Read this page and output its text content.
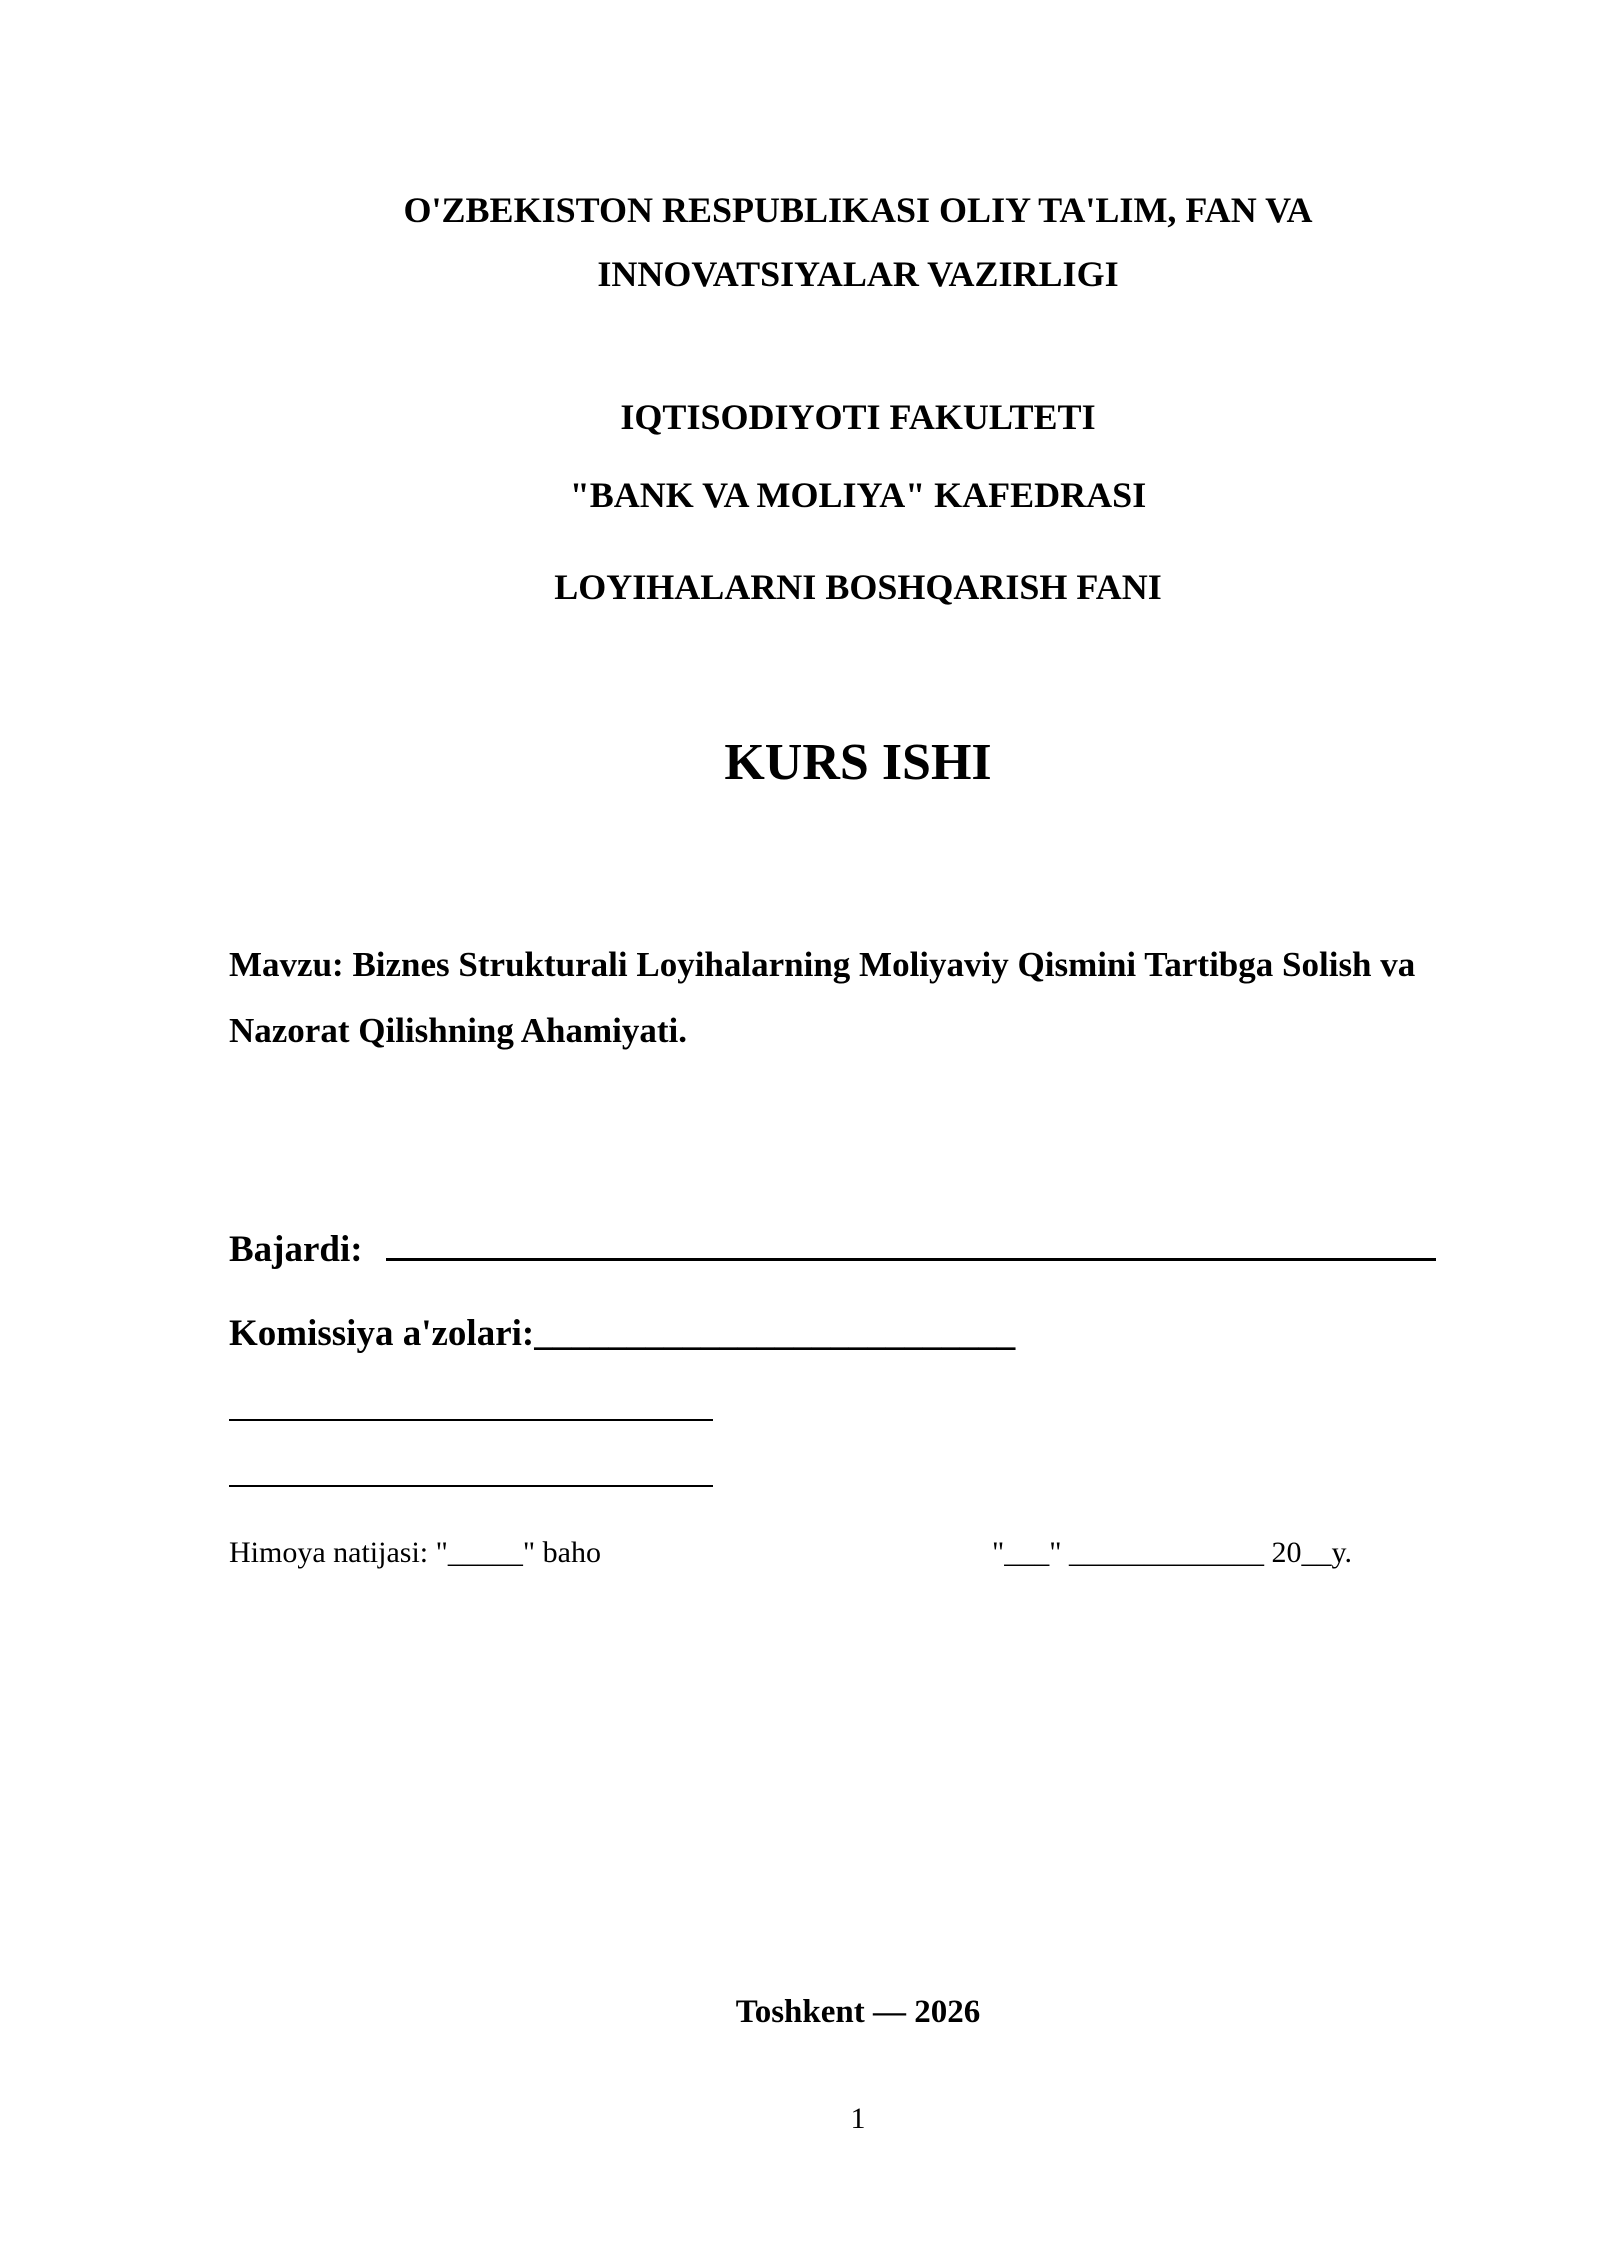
O'ZBEKISTON RESPUBLIKASI OLIY TA'LIM, FAN VA
INNOVATSIYALAR VAZIRLIGI
IQTISODIYOTI FAKULTETI
"BANK VA MOLIYA" KAFEDRASI
LOYIHALARNI BOSHQARISH FANI
KURS ISHI
Mavzu: Biznes Strukturali Loyihalarning Moliyaviy Qismini Tartibga Solish va Nazorat Qilishning Ahamiyati.
Bajardi:
Komissiya a'zolari:__________________________
Himoya natijasi: "_____" baho	"___" _____________ 20__y.
Toshkent — 2026
1
